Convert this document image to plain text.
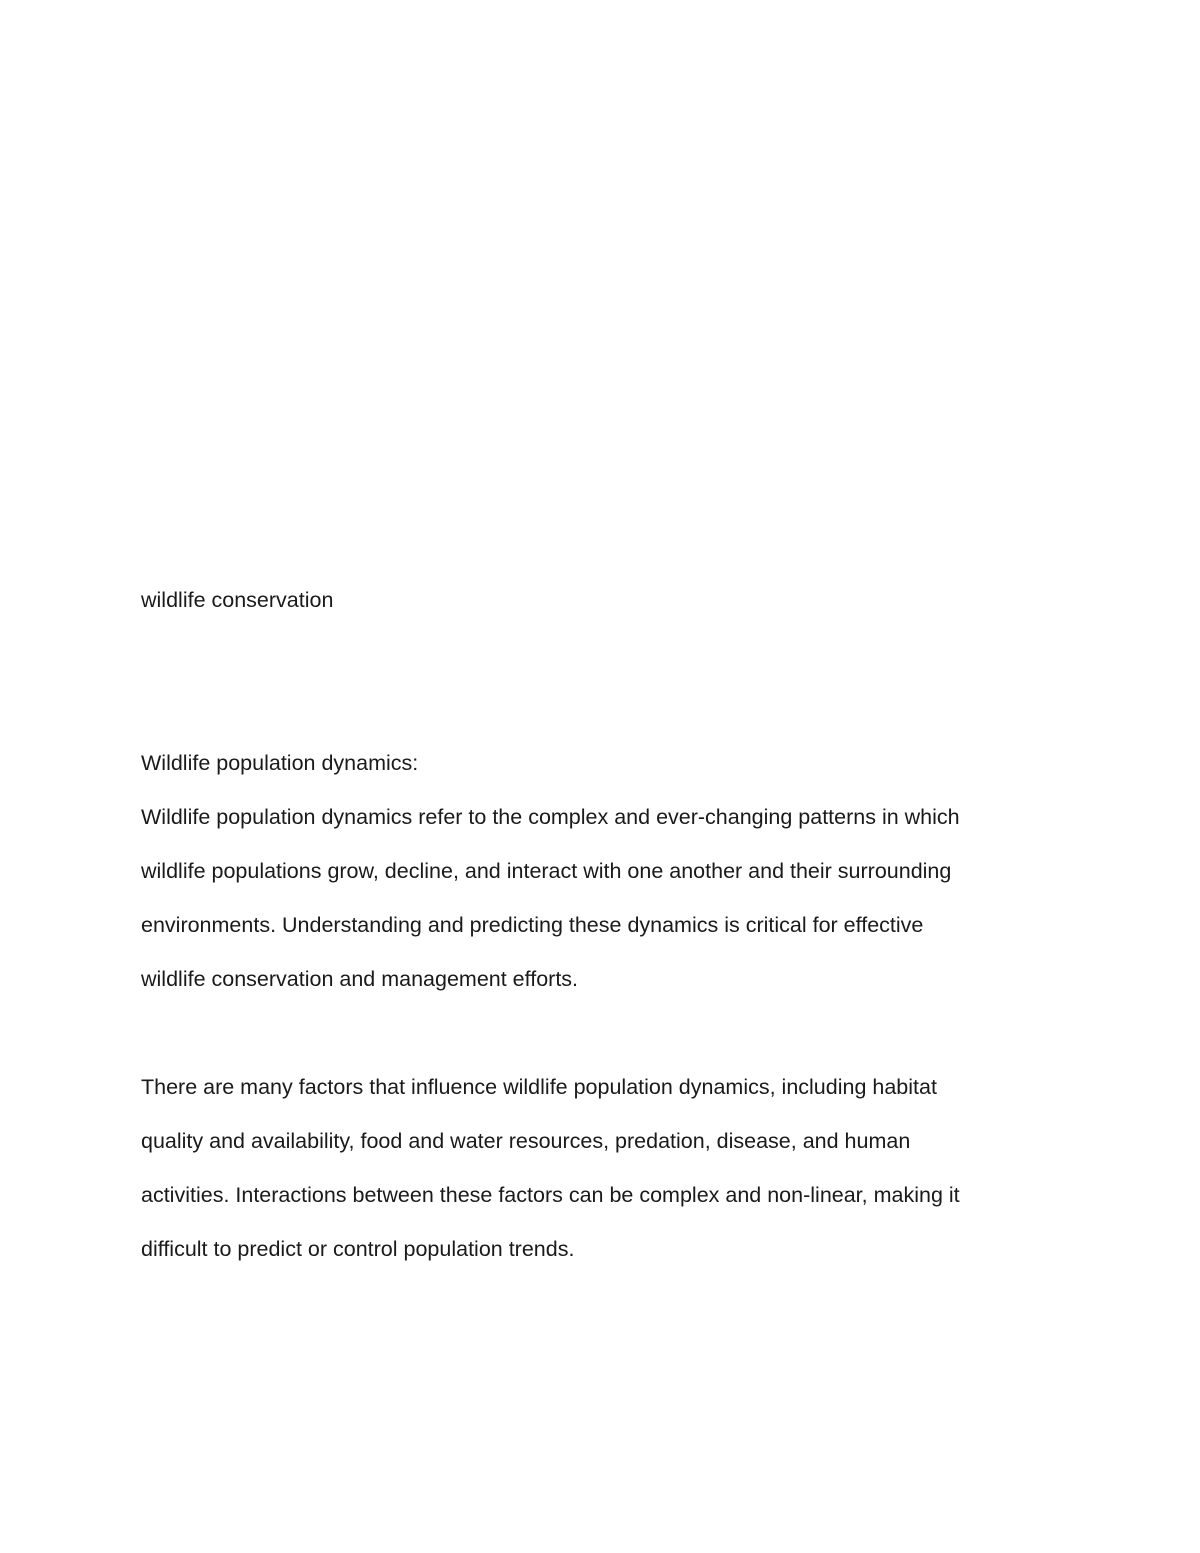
wildlife conservation
Wildlife population dynamics:
Wildlife population dynamics refer to the complex and ever-changing patterns in which
wildlife populations grow, decline, and interact with one another and their surrounding
environments. Understanding and predicting these dynamics is critical for effective
wildlife conservation and management efforts.
There are many factors that influence wildlife population dynamics, including habitat
quality and availability, food and water resources, predation, disease, and human
activities. Interactions between these factors can be complex and non-linear, making it
difficult to predict or control population trends.
